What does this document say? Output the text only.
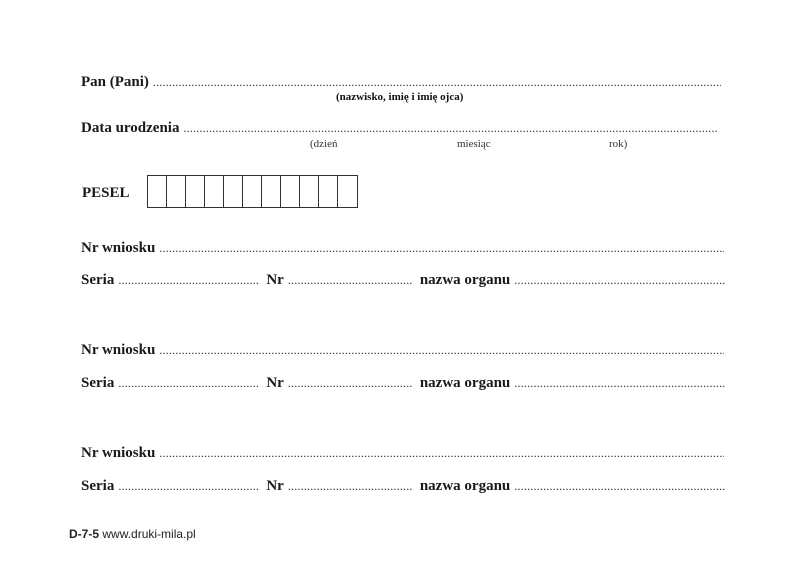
Pan (Pani)
.....
(nazwisko, imię i imię ojca)
Data urodzenia
.....
(dzień	miesiąc	rok)
PESEL
Nr wniosku
.....
Seria .....	Nr .....	nazwa organu
.....
Nr wniosku
.....
Seria .....	Nr .....	nazwa organu
.....
Nr wniosku
.....
Seria .....	Nr .....	nazwa organu
.....
D-7-5 www.druki-mila.pl
